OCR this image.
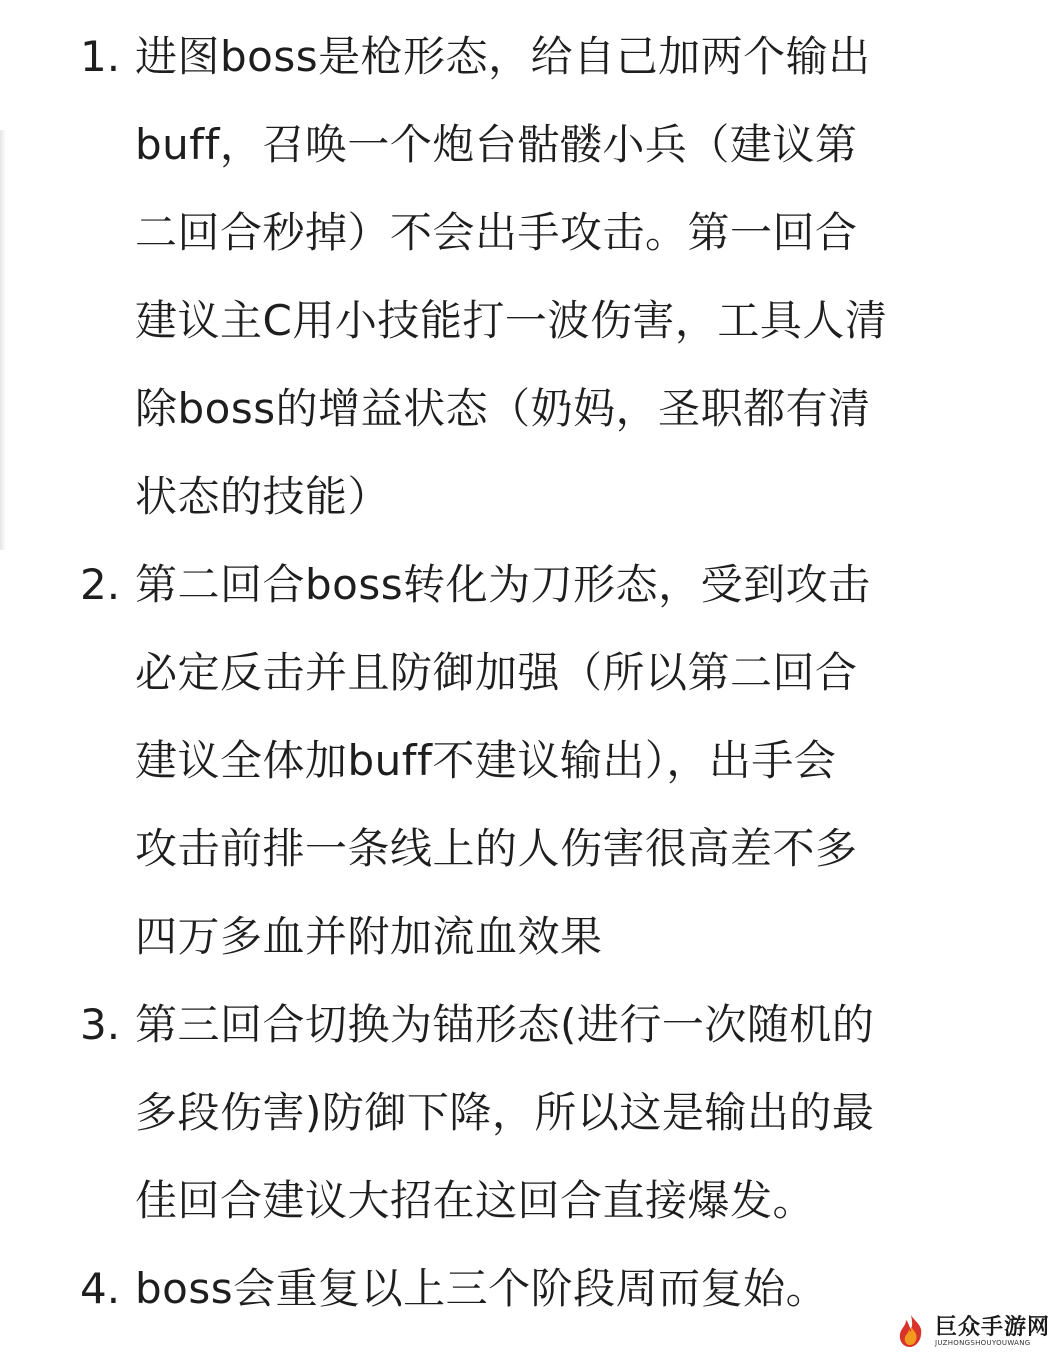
1. 进图boss是枪形态，给自己加两个输出
buff，召唤一个炮台骷髅小兵（建议第
二回合秒掉）不会出手攻击。第一回合
建议主C用小技能打一波伤害，工具人清
除boss的增益状态（奶妈，圣职都有清
状态的技能）
2. 第二回合boss转化为刀形态，受到攻击
必定反击并且防御加强（所以第二回合
建议全体加buff不建议输出），出手会
攻击前排一条线上的人伤害很高差不多
四万多血并附加流血效果
3. 第三回合切换为锚形态(进行一次随机的
多段伤害)防御下降，所以这是输出的最
佳回合建议大招在这回合直接爆发。
4. boss会重复以上三个阶段周而复始。
巨众手游网
JUZHONGSHOUYOUWANG
